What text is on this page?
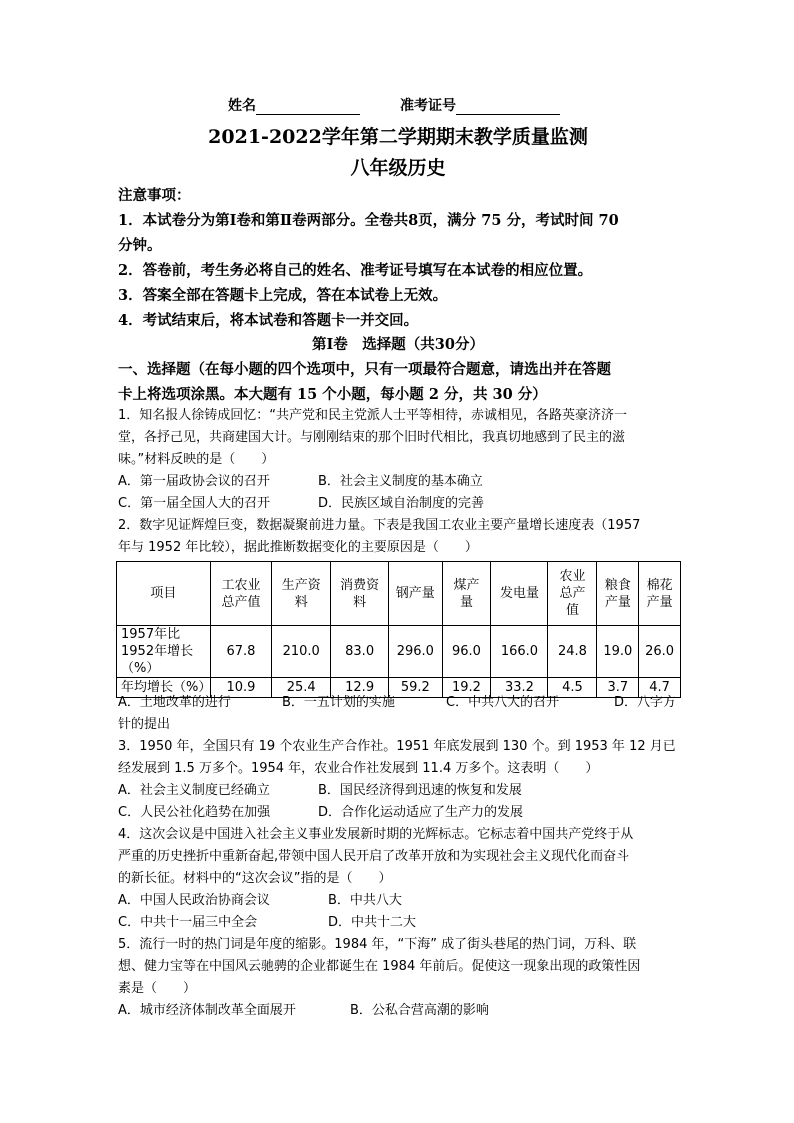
姓名	准考证号
2021-2022学年第二学期期末教学质量监测
八年级历史
注意事项：
1．本试卷分为第Ⅰ卷和第Ⅱ卷两部分。全卷共8页，满分 75 分，考试时间 70
分钟。
2．答卷前，考生务必将自己的姓名、准考证号填写在本试卷的相应位置。
3．答案全部在答题卡上完成，答在本试卷上无效。
4．考试结束后，将本试卷和答题卡一并交回。
第Ⅰ卷　选择题（共30分）
一、选择题（在每小题的四个选项中，只有一项最符合题意，请选出并在答题
卡上将选项涂黑。本大题有 15 个小题，每小题 2 分，共 30 分）
1．知名报人徐铸成回忆：“共产党和民主党派人士平等相待，赤诚相见，各路英豪济济一
堂，各抒己见，共商建国大计。与刚刚结束的那个旧时代相比，我真切地感到了民主的滋
味。”材料反映的是（　　）
A．第一届政协会议的召开	B．社会主义制度的基本确立
C．第一届全国人大的召开	D．民族区域自治制度的完善
2．数字见证辉煌巨变，数据凝聚前进力量。下表是我国工农业主要产量增长速度表（1957
年与 1952 年比较），据此推断数据变化的主要原因是（　　）
项目	工农业总产值	生产资料	消费资料	钢产量	煤产量	发电量	农业总产值	粮食产量	棉花产量
1957年比 1952年增长（%）	67.8	210.0	83.0	296.0	96.0	166.0	24.8	19.0	26.0
年均增长（%）	10.9	25.4	12.9	59.2	19.2	33.2	4.5	3.7	4.7
A．土地改革的进行	B．一五计划的实施	C．中共八大的召开	D．八字方
针的提出
3．1950 年，全国只有 19 个农业生产合作社。1951 年底发展到 130 个。到 1953 年 12 月已
经发展到 1.5 万多个。1954 年，农业合作社发展到 11.4 万多个。这表明（　　）
A．社会主义制度已经确立	B．国民经济得到迅速的恢复和发展
C．人民公社化趋势在加强	D．合作化运动适应了生产力的发展
4．这次会议是中国进入社会主义事业发展新时期的光辉标志。它标志着中国共产党终于从
严重的历史挫折中重新奋起,带领中国人民开启了改革开放和为实现社会主义现代化而奋斗
的新长征。材料中的“这次会议”指的是（　　）
A．中国人民政治协商会议	B．中共八大
C．中共十一届三中全会	D．中共十二大
5．流行一时的热门词是年度的缩影。1984 年，“下海” 成了街头巷尾的热门词，万科、联
想、健力宝等在中国风云驰骋的企业都诞生在 1984 年前后。促使这一现象出现的政策性因
素是（　　）
A．城市经济体制改革全面展开	B．公私合营高潮的影响
